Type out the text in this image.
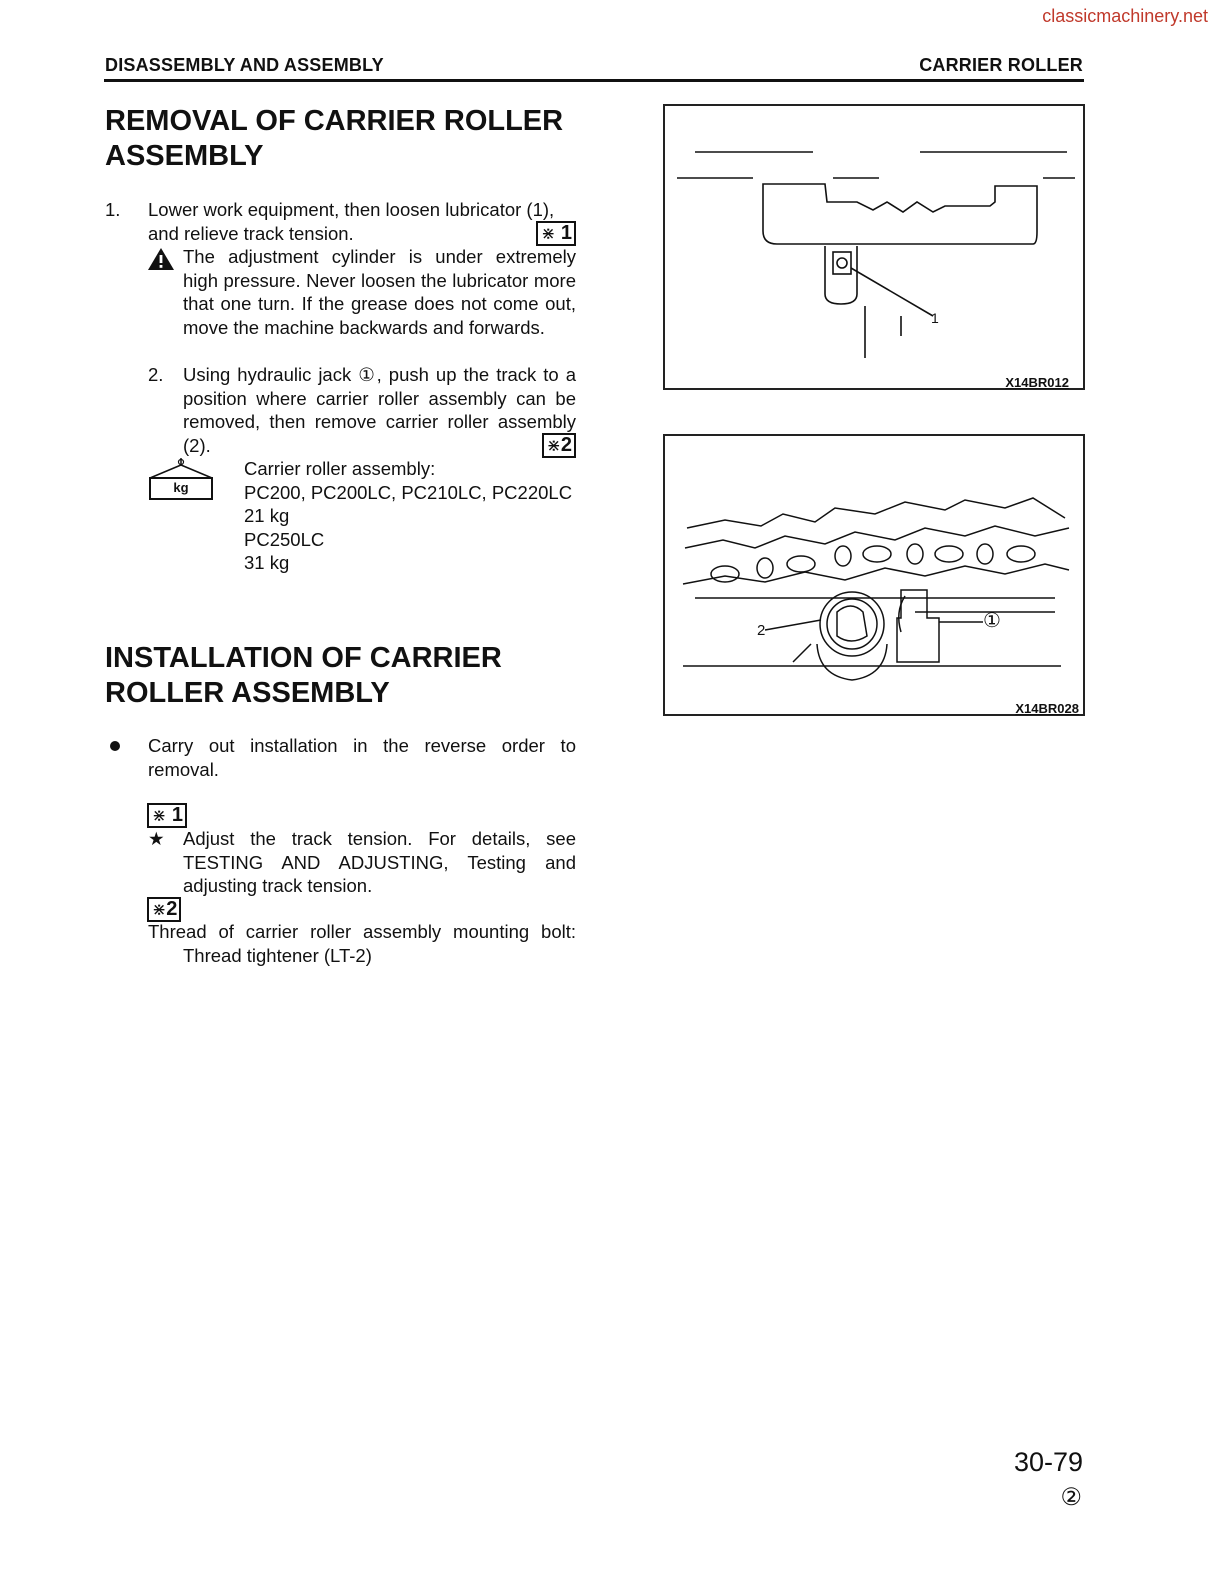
classicmachinery.net
DISASSEMBLY AND ASSEMBLY	CARRIER ROLLER
REMOVAL OF CARRIER ROLLER
ASSEMBLY
1. Lower work equipment, then loosen lubricator (1),
and relieve track tension.	⋇ 1
The adjustment cylinder is under extremely
high pressure. Never loosen the lubricator more
that one turn. If the grease does not come out,
move the machine backwards and forwards.
2. Using hydraulic jack ①, push up the track to a
position where carrier roller assembly can be
removed, then remove carrier roller assembly
(2).	⋇2
kg
Carrier roller assembly:
PC200, PC200LC, PC210LC, PC220LC
21 kg
PC250LC
31 kg
INSTALLATION OF CARRIER
ROLLER ASSEMBLY
Carry out installation in the reverse order to
removal.
⋇ 1
★ Adjust the track tension. For details, see
TESTING AND ADJUSTING, Testing and
adjusting track tension.
⋇2
Thread of carrier roller assembly mounting bolt:
Thread tightener (LT-2)
1
X14BR012
2	①
X14BR028
30-79
②
